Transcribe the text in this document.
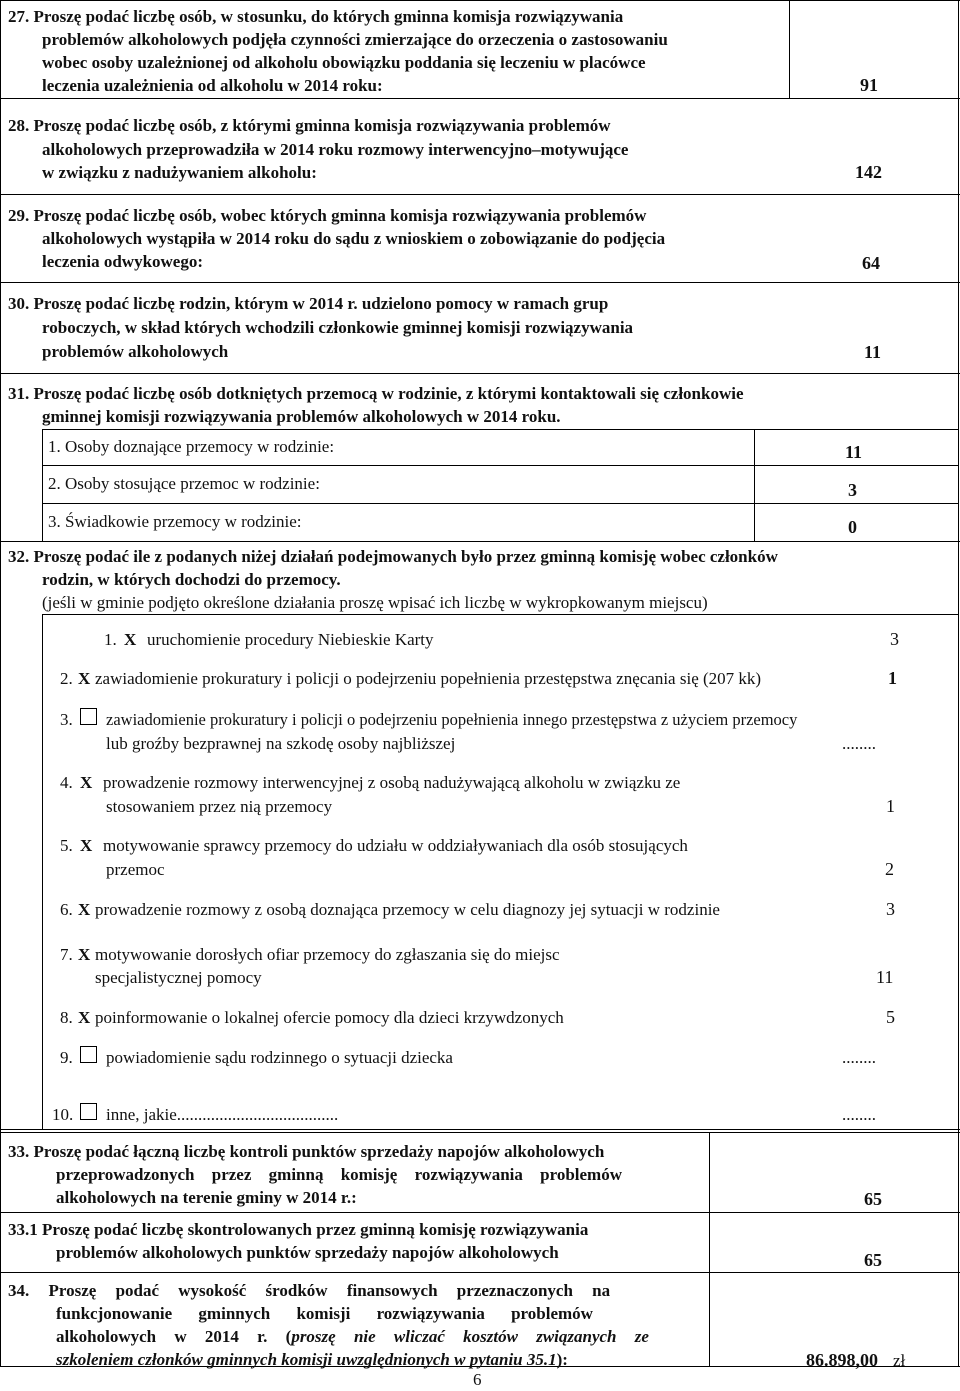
27. Proszę podać liczbę osób, w stosunku, do których gminna komisja rozwiązywania
problemów alkoholowych podjęła czynności zmierzające do orzeczenia o zastosowaniu
wobec osoby uzależnionej od alkoholu obowiązku poddania się leczeniu w placówce
leczenia uzależnienia od alkoholu w 2014 roku:	91
28. Proszę podać liczbę osób, z którymi gminna komisja rozwiązywania problemów
alkoholowych przeprowadziła w 2014 roku rozmowy interwencyjno–motywujące
w związku z nadużywaniem alkoholu:	142
29. Proszę podać liczbę osób, wobec których gminna komisja rozwiązywania problemów
alkoholowych wystąpiła w 2014 roku do sądu z wnioskiem o zobowiązanie do podjęcia
leczenia odwykowego:	64
30. Proszę podać liczbę rodzin, którym w 2014 r. udzielono pomocy w ramach grup
roboczych, w skład których wchodzili członkowie gminnej komisji rozwiązywania
problemów alkoholowych	11
31. Proszę podać liczbę osób dotkniętych przemocą w rodzinie, z którymi kontaktowali się członkowie
gminnej komisji rozwiązywania problemów alkoholowych w 2014 roku.
1. Osoby doznające przemocy w rodzinie:	11
2. Osoby stosujące przemoc w rodzinie:	3
3. Świadkowie przemocy w rodzinie:	0
32. Proszę podać ile z podanych niżej działań podejmowanych było przez gminną komisję wobec członków
rodzin, w których dochodzi do przemocy.
(jeśli w gminie podjęto określone działania proszę wpisać ich liczbę w wykropkowanym miejscu)
1. X uruchomienie procedury Niebieskie Karty	3
2. X zawiadomienie prokuratury i policji o podejrzeniu popełnienia przestępstwa znęcania się (207 kk)	1
3. zawiadomienie prokuratury i policji o podejrzeniu popełnienia innego przestępstwa z użyciem przemocy
lub groźby bezprawnej na szkodę osoby najbliższej	........
4. X prowadzenie rozmowy interwencyjnej z osobą nadużywającą alkoholu w związku ze
stosowaniem przez nią przemocy	1
5. X motywowanie sprawcy przemocy do udziału w oddziaływaniach dla osób stosujących
przemoc	2
6. X prowadzenie rozmowy z osobą doznająca przemocy w celu diagnozy jej sytuacji w rodzinie	3
7. X motywowanie dorosłych ofiar przemocy do zgłaszania się do miejsc
specjalistycznej pomocy	11
8. X poinformowanie o lokalnej ofercie pomocy dla dzieci krzywdzonych	5
9. powiadomienie sądu rodzinnego o sytuacji dziecka	........
10. inne, jakie......................................	........
33. Proszę podać łączną liczbę kontroli punktów sprzedaży napojów alkoholowych
przeprowadzonych przez gminną komisję rozwiązywania problemów
alkoholowych na terenie gminy w 2014 r.:	65
33.1 Proszę podać liczbę skontrolowanych przez gminną komisję rozwiązywania
problemów alkoholowych punktów sprzedaży napojów alkoholowych	65
34. Proszę podać wysokość środków finansowych przeznaczonych na
funkcjonowanie gminnych komisji rozwiązywania problemów
alkoholowych w 2014 r. (proszę nie wliczać kosztów związanych ze
szkoleniem członków gminnych komisji uwzględnionych w pytaniu 35.1):	86.898,00 zł
6
